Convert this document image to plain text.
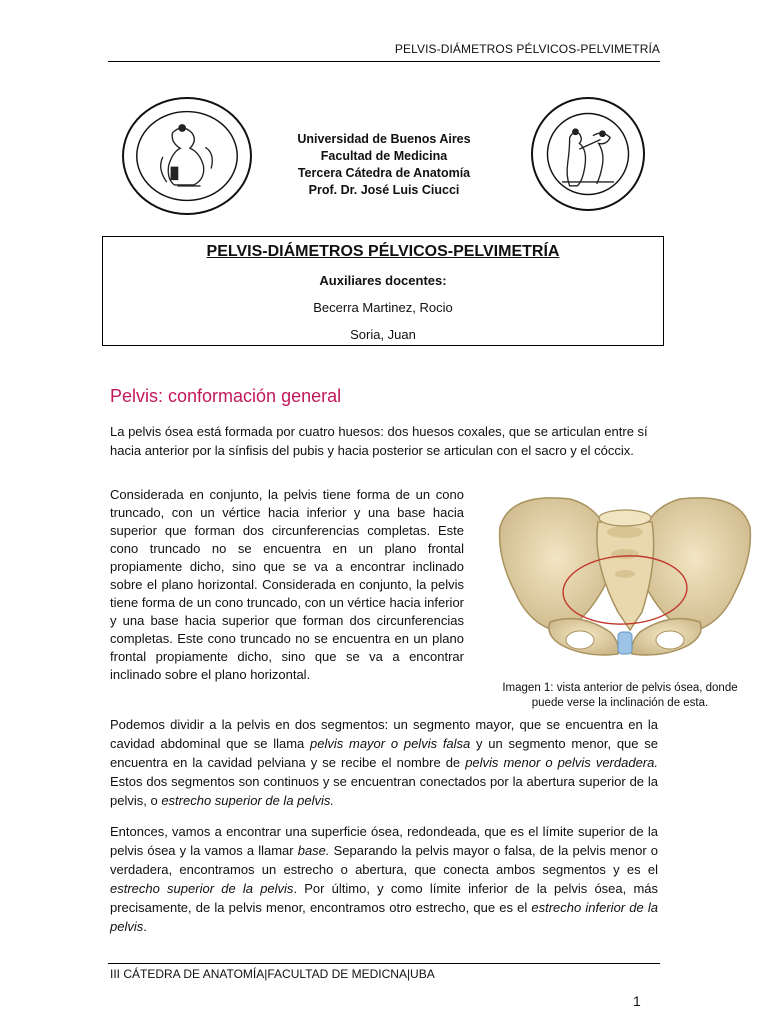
PELVIS-DIÁMETROS PÉLVICOS-PELVIMETRÍA
Universidad de Buenos Aires
Facultad de Medicina
Tercera Cátedra de Anatomía
Prof. Dr. José Luis Ciucci
PELVIS-DIÁMETROS PÉLVICOS-PELVIMETRÍA
Auxiliares docentes:
Becerra Martinez, Rocio
Soria, Juan
Pelvis: conformación general
La pelvis ósea está formada por cuatro huesos: dos huesos coxales, que se articulan entre sí hacia anterior por la sínfisis del pubis y hacia posterior se articulan con el sacro y el cóccix.
Considerada en conjunto, la pelvis tiene forma de un cono truncado, con un vértice hacia inferior y una base hacia superior que forman dos circunferencias completas. Este cono truncado no se encuentra en un plano frontal propiamente dicho, sino que se va a encontrar inclinado sobre el plano horizontal. Considerada en conjunto, la pelvis tiene forma de un cono truncado, con un vértice hacia inferior y una base hacia superior que forman dos circunferencias completas. Este cono truncado no se encuentra en un plano frontal propiamente dicho, sino que se va a encontrar inclinado sobre el plano horizontal.
Imagen 1: vista anterior de pelvis ósea, donde puede verse la inclinación de esta.
Podemos dividir a la pelvis en dos segmentos: un segmento mayor, que se encuentra en la cavidad abdominal que se llama pelvis mayor o pelvis falsa y un segmento menor, que se encuentra en la cavidad pelviana y se recibe el nombre de pelvis menor o pelvis verdadera. Estos dos segmentos son continuos y se encuentran conectados por la abertura superior de la pelvis, o estrecho superior de la pelvis.
Entonces, vamos a encontrar una superficie ósea, redondeada, que es el límite superior de la pelvis ósea y la vamos a llamar base. Separando la pelvis mayor o falsa, de la pelvis menor o verdadera, encontramos un estrecho o abertura, que conecta ambos segmentos y es el estrecho superior de la pelvis. Por último, y como límite inferior de la pelvis ósea, más precisamente, de la pelvis menor, encontramos otro estrecho, que es el estrecho inferior de la pelvis.
III CÁTEDRA DE ANATOMÍA|FACULTAD DE MEDICNA|UBA
1
